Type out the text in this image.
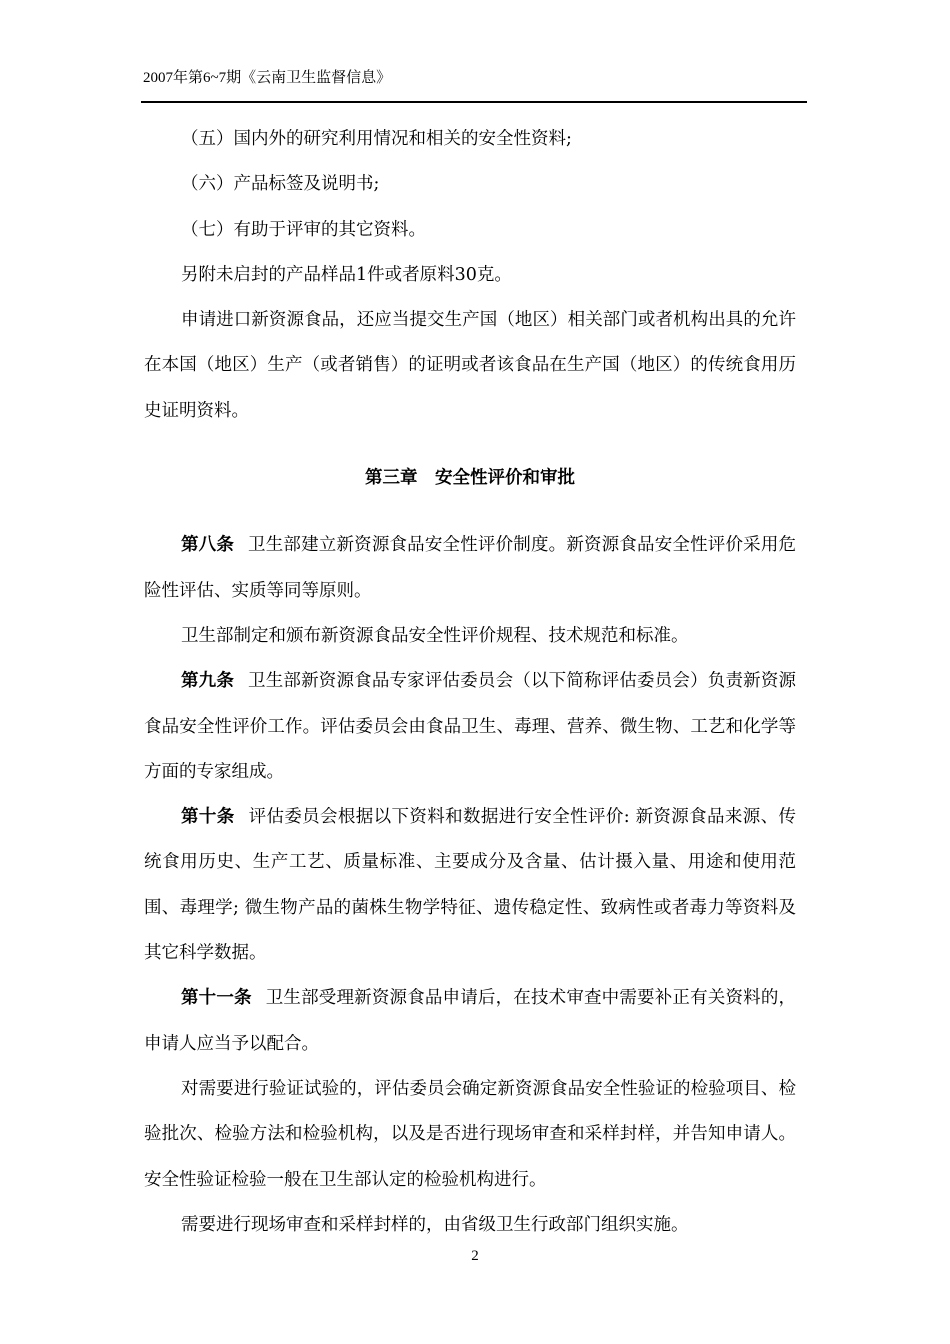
2007年第6~7期《云南卫生监督信息》

（五）国内外的研究利用情况和相关的安全性资料;

（六）产品标签及说明书;

（七）有助于评审的其它资料。

另附未启封的产品样品1件或者原料30克。

申请进口新资源食品，还应当提交生产国（地区）相关部门或者机构出具的允许在本国（地区）生产（或者销售）的证明或者该食品在生产国（地区）的传统食用历史证明资料。

第三章　安全性评价和审批

第八条 卫生部建立新资源食品安全性评价制度。新资源食品安全性评价采用危险性评估、实质等同等原则。

卫生部制定和颁布新资源食品安全性评价规程、技术规范和标准。

第九条 卫生部新资源食品专家评估委员会（以下简称评估委员会）负责新资源食品安全性评价工作。评估委员会由食品卫生、毒理、营养、微生物、工艺和化学等方面的专家组成。

第十条 评估委员会根据以下资料和数据进行安全性评价: 新资源食品来源、传统食用历史、生产工艺、质量标准、主要成分及含量、估计摄入量、用途和使用范围、毒理学; 微生物产品的菌株生物学特征、遗传稳定性、致病性或者毒力等资料及其它科学数据。

第十一条 卫生部受理新资源食品申请后，在技术审查中需要补正有关资料的，申请人应当予以配合。

对需要进行验证试验的，评估委员会确定新资源食品安全性验证的检验项目、检验批次、检验方法和检验机构，以及是否进行现场审查和采样封样，并告知申请人。安全性验证检验一般在卫生部认定的检验机构进行。

需要进行现场审查和采样封样的，由省级卫生行政部门组织实施。

2
